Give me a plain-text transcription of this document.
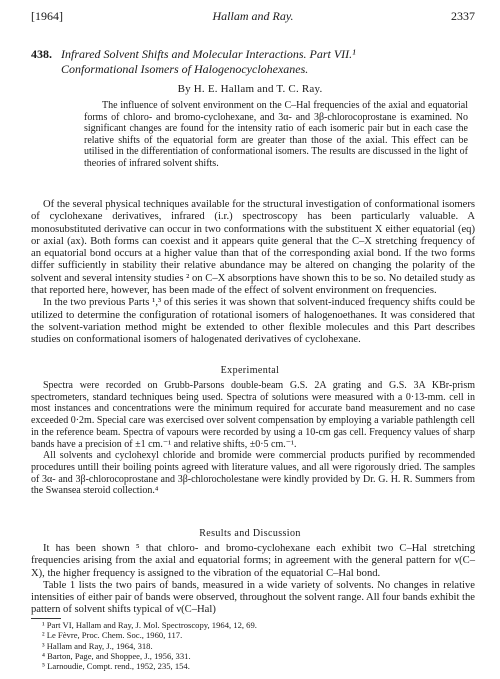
[1964]	Hallam and Ray.	2337
438. Infrared Solvent Shifts and Molecular Interactions. Part VII.¹
Conformational Isomers of Halogenocyclohexanes.
By H. E. Hallam and T. C. Ray.

The influence of solvent environment on the C–Hal frequencies of the axial and equatorial forms of chloro- and bromo-cyclohexane, and 3α- and 3β-chlorocoprostane is examined. No significant changes are found for the intensity ratio of each isomeric pair but in each case the relative shifts of the equatorial form are greater than those of the axial. This effect can be utilised in the differentiation of conformational isomers. The results are discussed in the light of theories of infrared solvent shifts.

Of the several physical techniques available for the structural investigation of conformational isomers of cyclohexane derivatives, infrared (i.r.) spectroscopy has been particularly valuable. A monosubstituted derivative can occur in two conformations with the substituent X either equatorial (eq) or axial (ax). Both forms can coexist and it appears quite general that the C–X stretching frequency of an equatorial bond occurs at a higher value than that of the corresponding axial bond. If the two forms differ sufficiently in stability their relative abundance may be altered on changing the polarity of the solvent and several intensity studies ² on C–X absorptions have shown this to be so. No detailed study as that reported here, however, has been made of the effect of solvent environment on frequencies.

In the two previous Parts ¹,³ of this series it was shown that solvent-induced frequency shifts could be utilized to determine the configuration of rotational isomers of halogenoethanes. It was considered that the solvent-variation method might be extended to other flexible molecules and this Part describes studies on conformational isomers of halogenated derivatives of cyclohexane.

Experimental

Spectra were recorded on Grubb-Parsons double-beam G.S. 2A grating and G.S. 3A KBr-prism spectrometers, standard techniques being used. Spectra of solutions were measured with a 0·13-mm. cell in most instances and concentrations were the minimum required for accurate band measurement and no case exceeded 0·2m. Special care was exercised over solvent compensation by employing a variable pathlength cell in the reference beam. Spectra of vapours were recorded by using a 10-cm gas cell. Frequency values of sharp bands have a precision of ±1 cm.⁻¹ and relative shifts, ±0·5 cm.⁻¹.

All solvents and cyclohexyl chloride and bromide were commercial products purified by recommended procedures untill their boiling points agreed with literature values, and all were rigorously dried. The samples of 3α- and 3β-chlorocoprostane and 3β-chlorocholestane were kindly provided by Dr. G. H. R. Summers from the Swansea steroid collection.⁴

Results and Discussion

It has been shown ⁵ that chloro- and bromo-cyclohexane each exhibit two C–Hal stretching frequencies arising from the axial and equatorial forms; in agreement with the general pattern for ν(C–X), the higher frequency is assigned to the vibration of the equatorial C–Hal bond.

Table 1 lists the two pairs of bands, measured in a wide variety of solvents. No changes in relative intensities of either pair of bands were observed, throughout the solvent range. All four bands exhibit the pattern of solvent shifts typical of ν(C–Hal)

¹ Part VI, Hallam and Ray, J. Mol. Spectroscopy, 1964, 12, 69.
² Le Fèvre, Proc. Chem. Soc., 1960, 117.
³ Hallam and Ray, J., 1964, 318.
⁴ Barton, Page, and Shoppee, J., 1956, 331.
⁵ Larnoudie, Compt. rend., 1952, 235, 154.
